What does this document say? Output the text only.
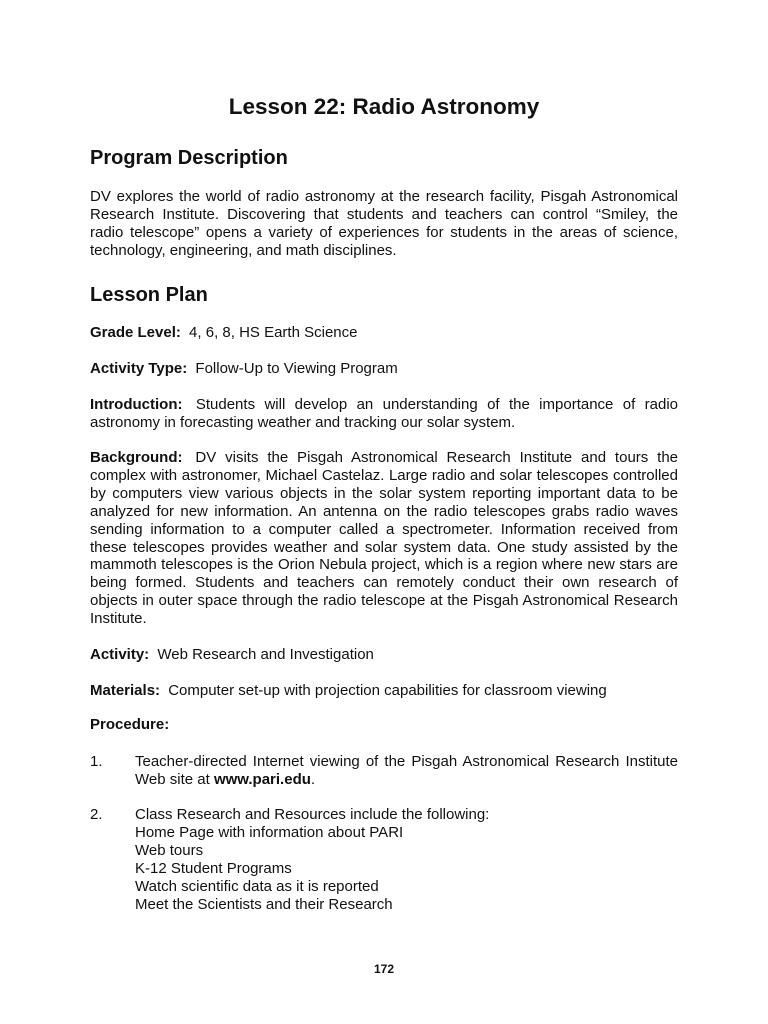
Lesson 22: Radio Astronomy
Program Description
DV explores the world of radio astronomy at the research facility, Pisgah Astronomical
Research Institute. Discovering that students and teachers can control “Smiley, the
radio telescope” opens a variety of experiences for students in the areas of science,
technology, engineering, and math disciplines.
Lesson Plan
Grade Level: 4, 6, 8, HS Earth Science
Activity Type: Follow-Up to Viewing Program
Introduction: Students will develop an understanding of the importance of radio
astronomy in forecasting weather and tracking our solar system.
Background: DV visits the Pisgah Astronomical Research Institute and tours the
complex with astronomer, Michael Castelaz. Large radio and solar telescopes controlled
by computers view various objects in the solar system reporting important data to be
analyzed for new information. An antenna on the radio telescopes grabs radio waves
sending information to a computer called a spectrometer. Information received from
these telescopes provides weather and solar system data. One study assisted by the
mammoth telescopes is the Orion Nebula project, which is a region where new stars are
being formed. Students and teachers can remotely conduct their own research of
objects in outer space through the radio telescope at the Pisgah Astronomical Research
Institute.
Activity: Web Research and Investigation
Materials: Computer set-up with projection capabilities for classroom viewing
Procedure:
1.	Teacher-directed Internet viewing of the Pisgah Astronomical Research Institute
Web site at www.pari.edu.
2.	Class Research and Resources include the following:
Home Page with information about PARI
Web tours
K-12 Student Programs
Watch scientific data as it is reported
Meet the Scientists and their Research
172
